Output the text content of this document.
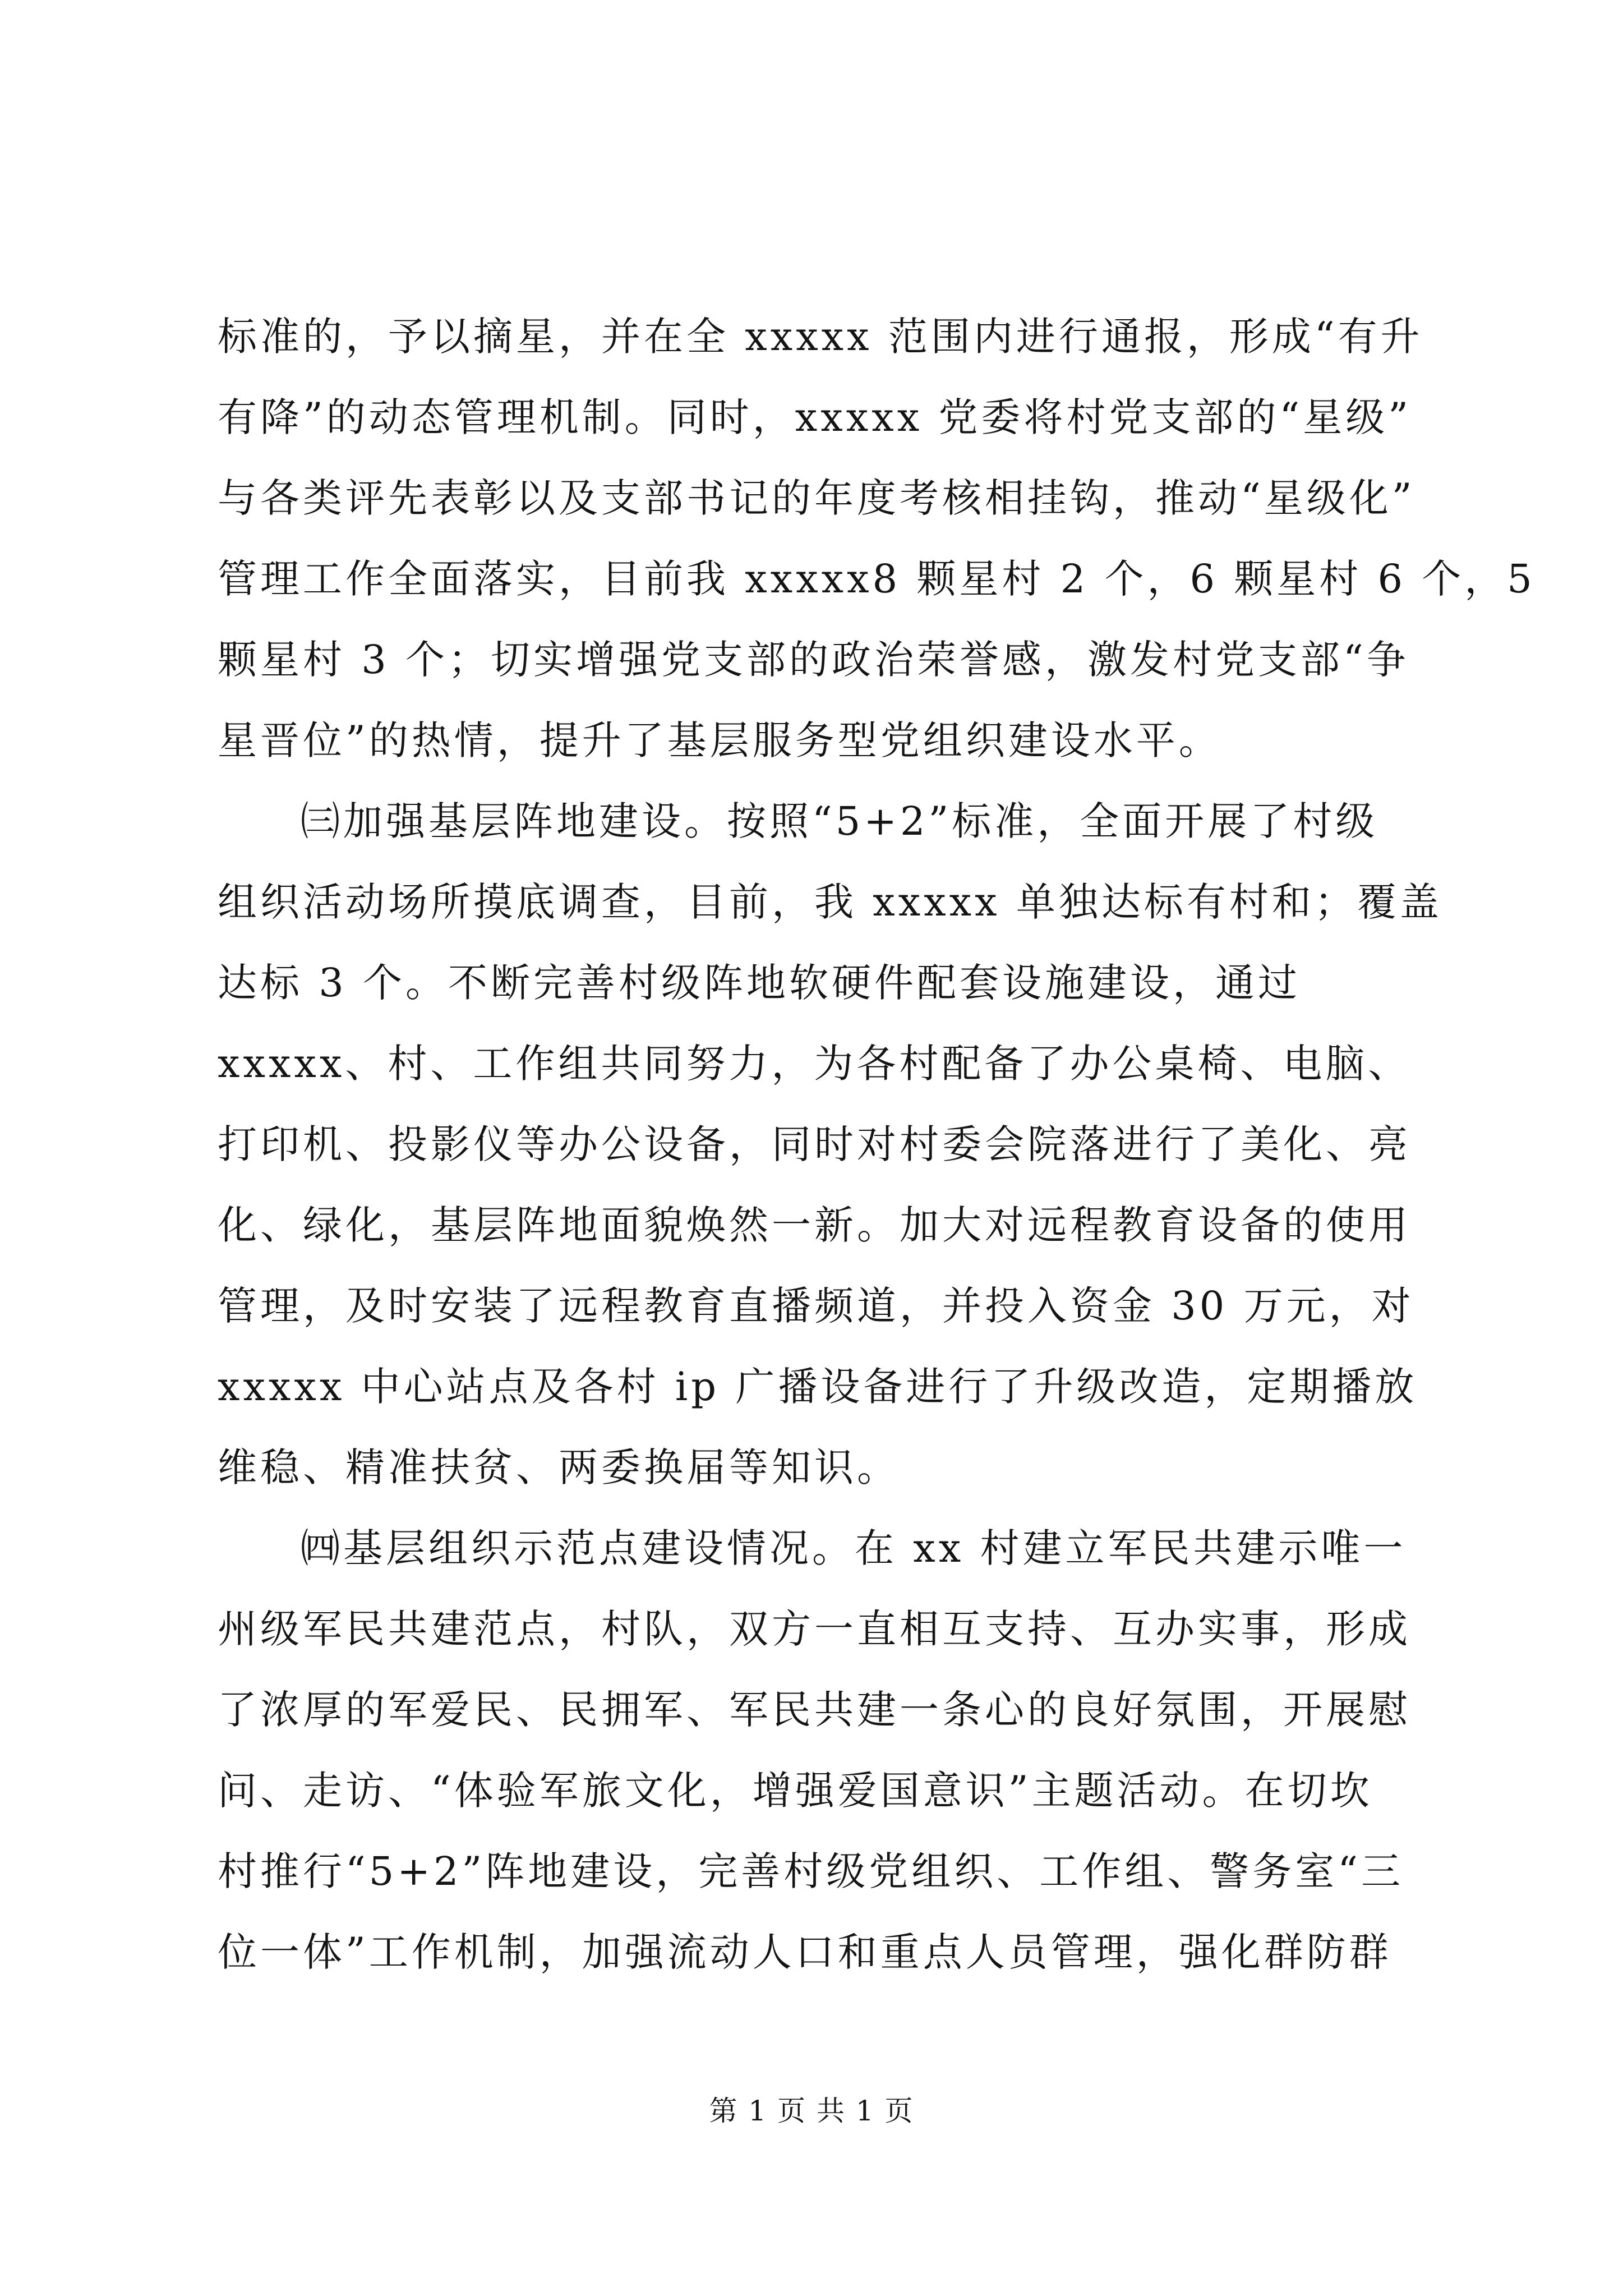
标准的，予以摘星，并在全 xxxxx 范围内进行通报，形成“有升
有降”的动态管理机制。同时，xxxxx 党委将村党支部的“星级”
与各类评先表彰以及支部书记的年度考核相挂钩，推动“星级化”
管理工作全面落实，目前我 xxxxx8 颗星村 2 个，6 颗星村 6 个，5
颗星村 3 个；切实增强党支部的政治荣誉感，激发村党支部“争
星晋位”的热情，提升了基层服务型党组织建设水平。
㈢加强基层阵地建设。按照“5+2”标准，全面开展了村级
组织活动场所摸底调查，目前，我 xxxxx 单独达标有村和；覆盖
达标 3 个。不断完善村级阵地软硬件配套设施建设，通过
xxxxx、村、工作组共同努力，为各村配备了办公桌椅、电脑、
打印机、投影仪等办公设备，同时对村委会院落进行了美化、亮
化、绿化，基层阵地面貌焕然一新。加大对远程教育设备的使用
管理，及时安装了远程教育直播频道，并投入资金 30 万元，对
xxxxx 中心站点及各村 ip 广播设备进行了升级改造，定期播放
维稳、精准扶贫、两委换届等知识。
㈣基层组织示范点建设情况。在 xx 村建立军民共建示唯一
州级军民共建范点，村队，双方一直相互支持、互办实事，形成
了浓厚的军爱民、民拥军、军民共建一条心的良好氛围，开展慰
问、走访、“体验军旅文化，增强爱国意识”主题活动。在切坎
村推行“5+2”阵地建设，完善村级党组织、工作组、警务室“三
位一体”工作机制，加强流动人口和重点人员管理，强化群防群
第 1 页 共 1 页
